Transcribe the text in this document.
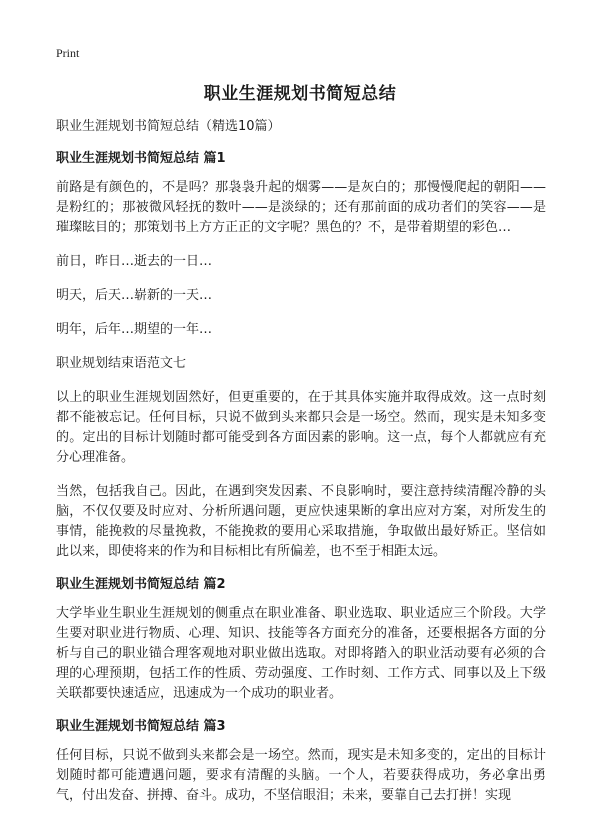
Print
职业生涯规划书简短总结

职业生涯规划书简短总结（精选10篇）

职业生涯规划书简短总结 篇1

前路是有颜色的，不是吗？那袅袅升起的烟雾——是灰白的；那慢慢爬起的朝阳——是粉红的；那被微风轻抚的数叶——是淡绿的；还有那前面的成功者们的笑容——是璀璨眩目的；那策划书上方方正正的文字呢？黑色的？不，是带着期望的彩色…

前日，昨日…逝去的一日…

明天，后天…崭新的一天…

明年，后年…期望的一年…

职业规划结束语范文七

以上的职业生涯规划固然好，但更重要的，在于其具体实施并取得成效。这一点时刻都不能被忘记。任何目标，只说不做到头来都只会是一场空。然而，现实是未知多变的。定出的目标计划随时都可能受到各方面因素的影响。这一点，每个人都就应有充分心理准备。

当然，包括我自己。因此，在遇到突发因素、不良影响时，要注意持续清醒冷静的头脑，不仅仅要及时应对、分析所遇问题，更应快速果断的拿出应对方案，对所发生的事情，能挽救的尽量挽救，不能挽救的要用心采取措施，争取做出最好矫正。坚信如此以来，即使将来的作为和目标相比有所偏差，也不至于相距太远。

职业生涯规划书简短总结 篇2

大学毕业生职业生涯规划的侧重点在职业准备、职业选取、职业适应三个阶段。大学生要对职业进行物质、心理、知识、技能等各方面充分的准备，还要根据各方面的分析与自己的职业锚合理客观地对职业做出选取。对即将踏入的职业活动要有必须的合理的心理预期，包括工作的性质、劳动强度、工作时刻、工作方式、同事以及上下级关联都要快速适应，迅速成为一个成功的职业者。

职业生涯规划书简短总结 篇3

任何目标，只说不做到头来都会是一场空。然而，现实是未知多变的，定出的目标计划随时都可能遭遇问题，要求有清醒的头脑。一个人，若要获得成功，务必拿出勇气，付出发奋、拼搏、奋斗。成功，不坚信眼泪；未来，要靠自己去打拼！实现
